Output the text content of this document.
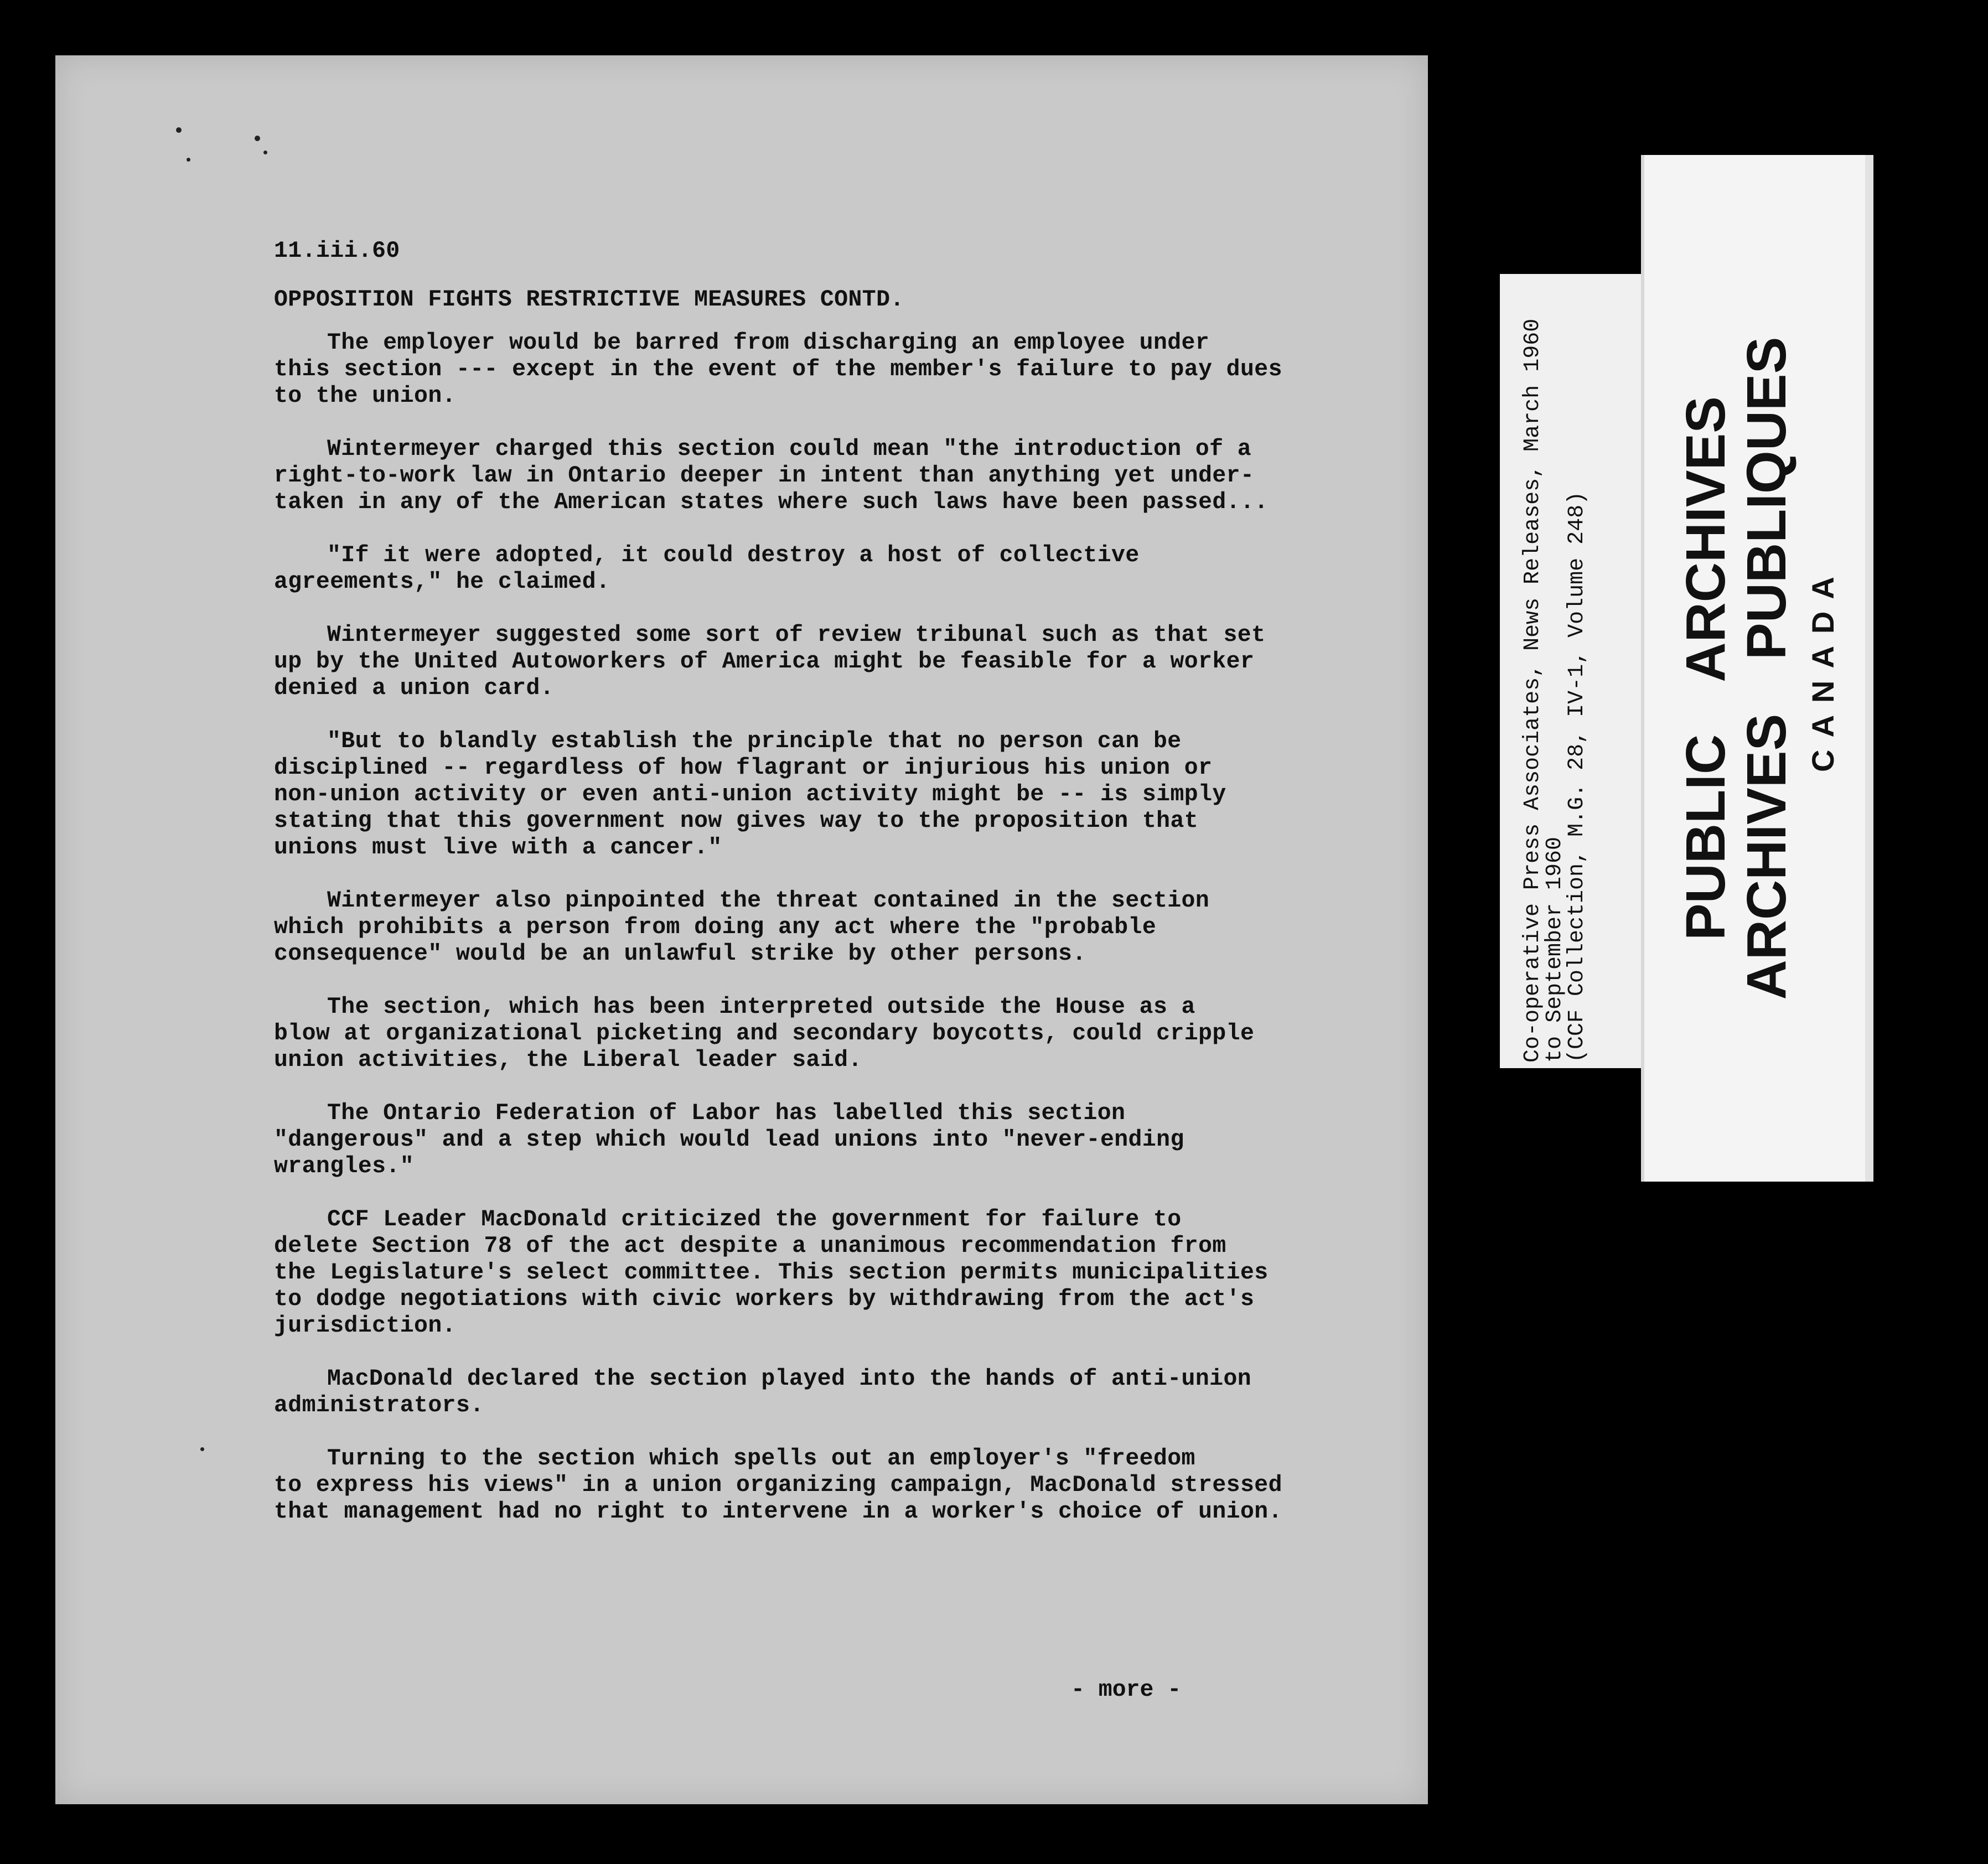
11.iii.60
OPPOSITION FIGHTS RESTRICTIVE MEASURES CONTD.

The employer would be barred from discharging an employee under
this section --- except in the event of the member's failure to pay dues
to the union.

Wintermeyer charged this section could mean "the introduction of a
right-to-work law in Ontario deeper in intent than anything yet under-
taken in any of the American states where such laws have been passed...

"If it were adopted, it could destroy a host of collective
agreements," he claimed.

Wintermeyer suggested some sort of review tribunal such as that set
up by the United Autoworkers of America might be feasible for a worker
denied a union card.

"But to blandly establish the principle that no person can be
disciplined -- regardless of how flagrant or injurious his union or
non-union activity or even anti-union activity might be -- is simply
stating that this government now gives way to the proposition that
unions must live with a cancer."

Wintermeyer also pinpointed the threat contained in the section
which prohibits a person from doing any act where the "probable
consequence" would be an unlawful strike by other persons.

The section, which has been interpreted outside the House as a
blow at organizational picketing and secondary boycotts, could cripple
union activities, the Liberal leader said.

The Ontario Federation of Labor has labelled this section
"dangerous" and a step which would lead unions into "never-ending
wrangles."

CCF Leader MacDonald criticized the government for failure to
delete Section 78 of the act despite a unanimous recommendation from
the Legislature's select committee. This section permits municipalities
to dodge negotiations with civic workers by withdrawing from the act's
jurisdiction.

MacDonald declared the section played into the hands of anti-union
administrators.

Turning to the section which spells out an employer's "freedom
to express his views" in a union organizing campaign, MacDonald stressed
that management had no right to intervene in a worker's choice of union.

- more -
Co-operative Press Associates, News Releases, March 1960
to September 1960
(CCF Collection, M.G. 28, IV-1, Volume 248) PUBLIC ARCHIVES
ARCHIVES PUBLIQUES CANADA
